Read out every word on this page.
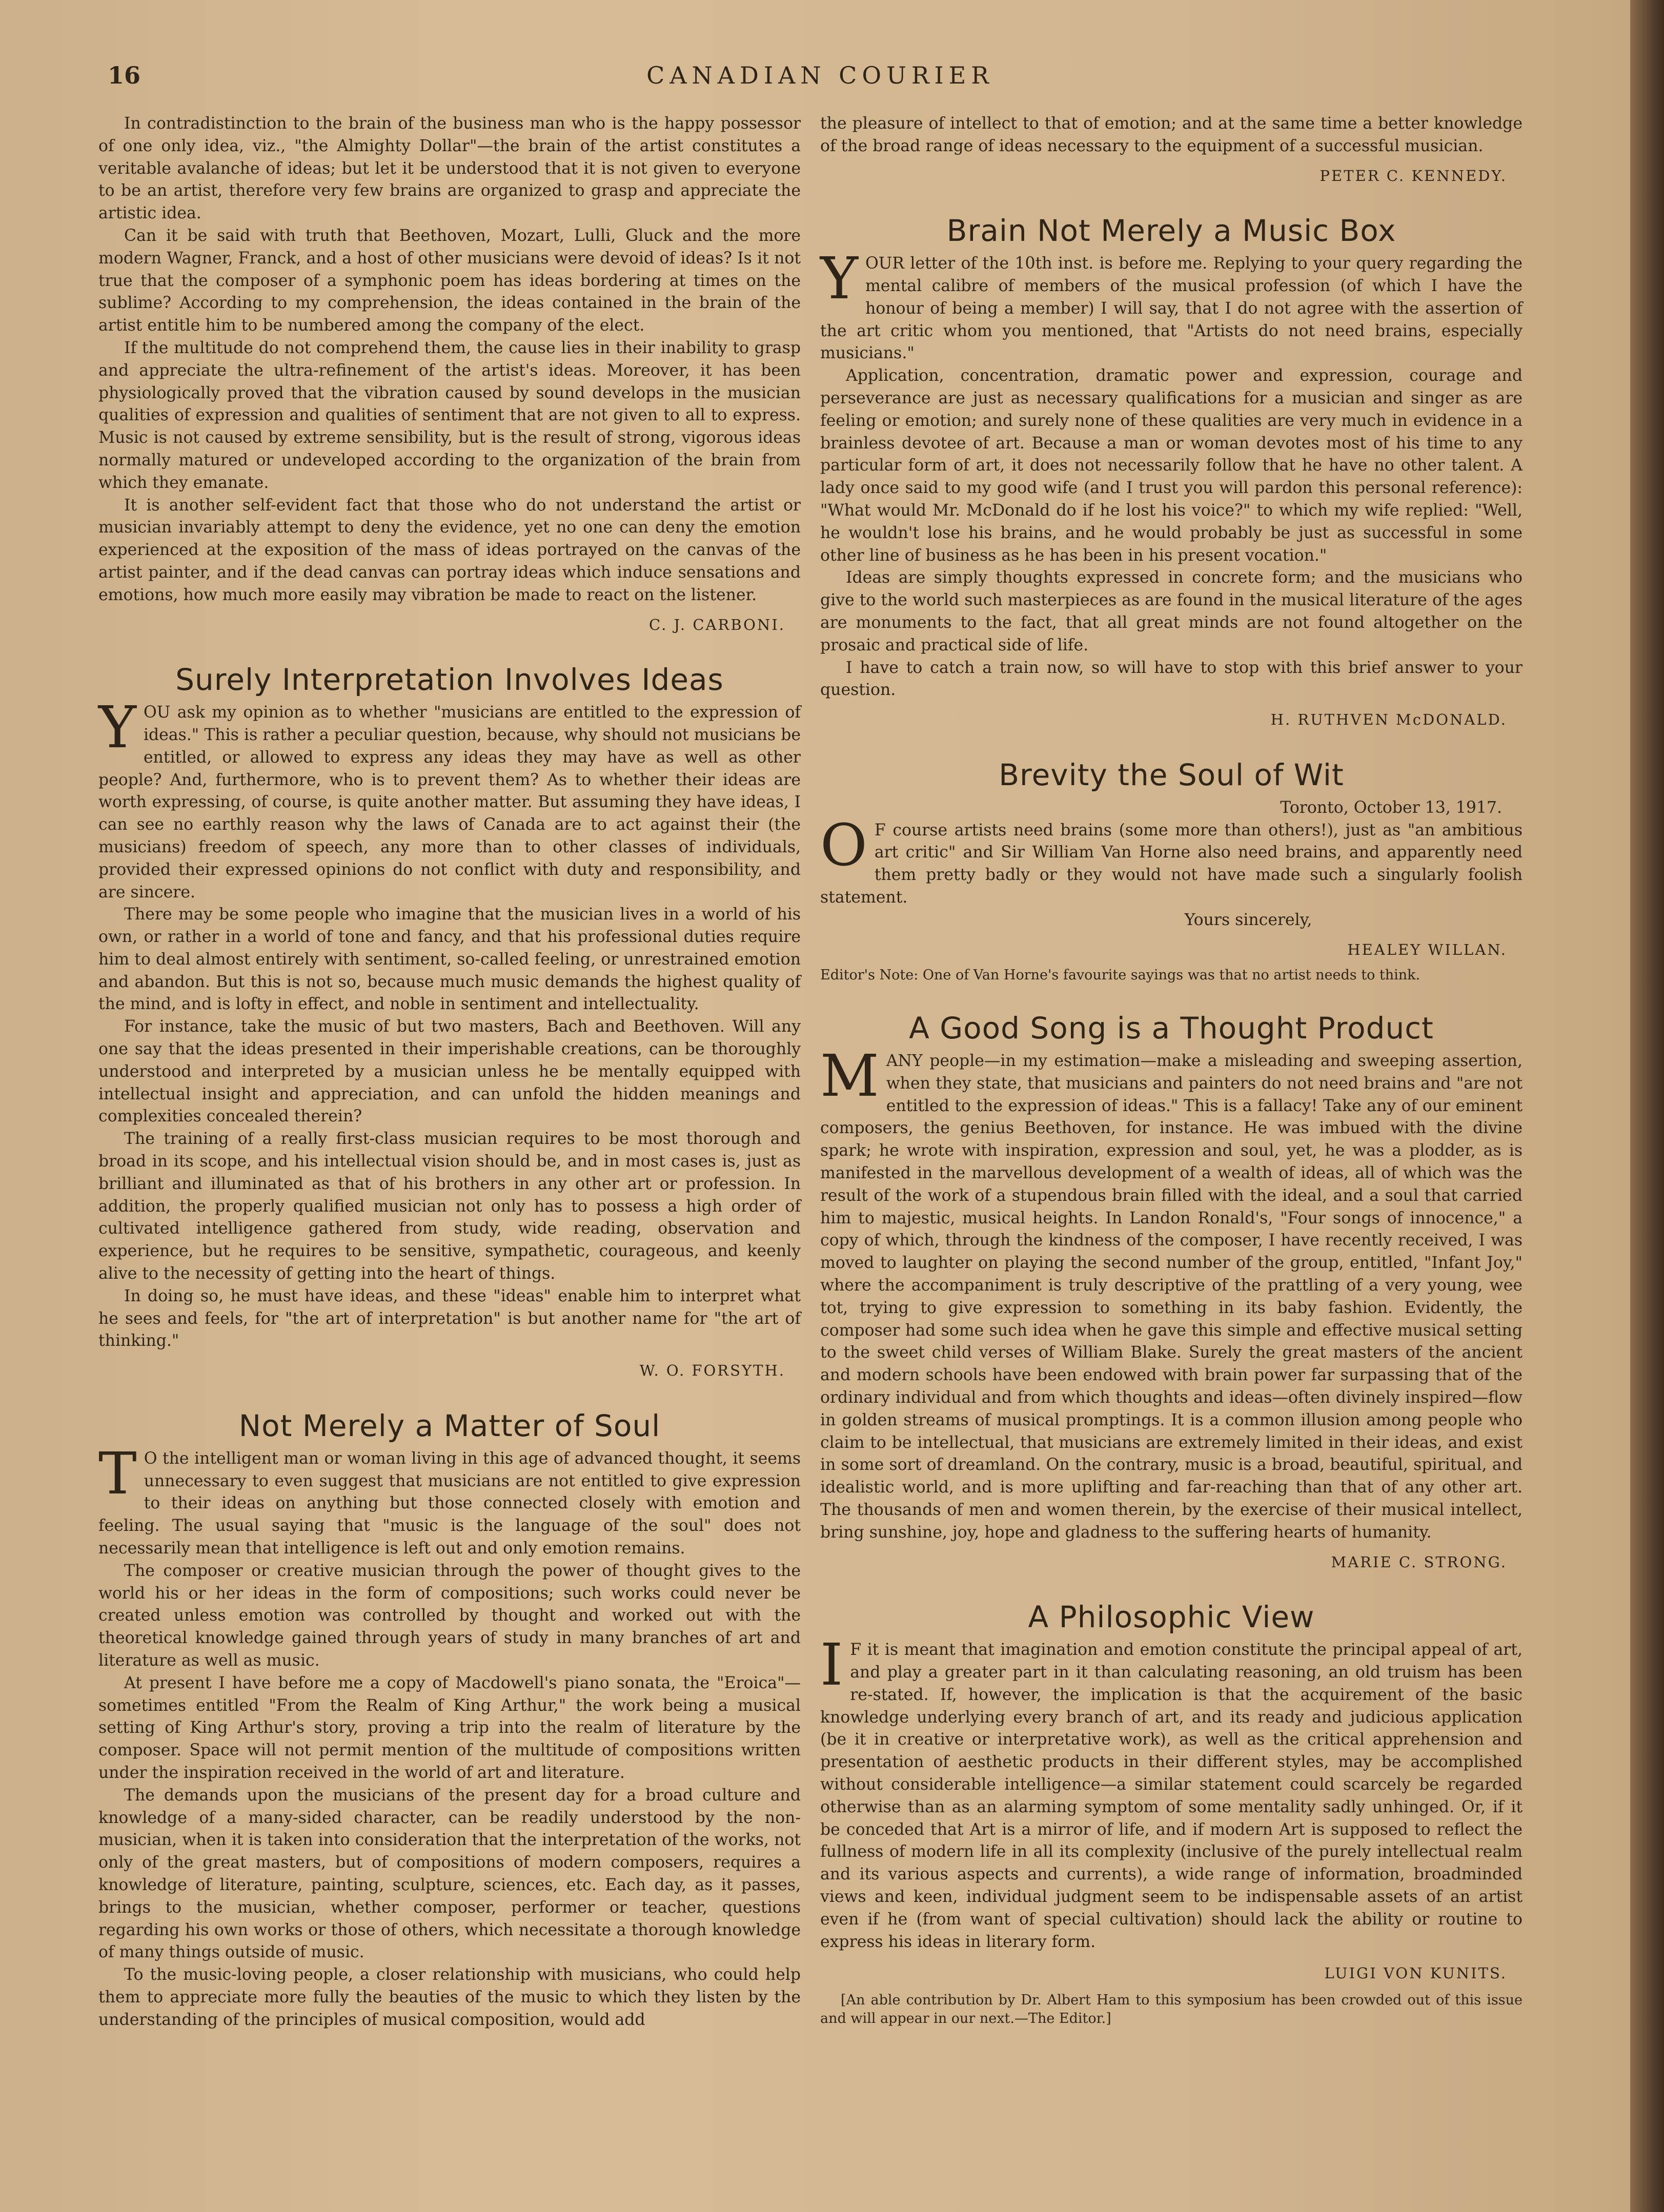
16	CANADIAN COURIER

In contradistinction to the brain of the business man who is the happy possessor of one only idea, viz., "the Almighty Dollar"—the brain of the artist constitutes a veritable avalanche of ideas; but let it be understood that it is not given to everyone to be an artist, therefore very few brains are organized to grasp and appreciate the artistic idea.

Can it be said with truth that Beethoven, Mozart, Lulli, Gluck and the more modern Wagner, Franck, and a host of other musicians were devoid of ideas? Is it not true that the composer of a symphonic poem has ideas bordering at times on the sublime? According to my comprehension, the ideas contained in the brain of the artist entitle him to be numbered among the company of the elect.

If the multitude do not comprehend them, the cause lies in their inability to grasp and appreciate the ultra-refinement of the artist's ideas. Moreover, it has been physiologically proved that the vibration caused by sound develops in the musician qualities of expression and qualities of sentiment that are not given to all to express. Music is not caused by extreme sensibility, but is the result of strong, vigorous ideas normally matured or undeveloped according to the organization of the brain from which they emanate.

It is another self-evident fact that those who do not understand the artist or musician invariably attempt to deny the evidence, yet no one can deny the emotion experienced at the exposition of the mass of ideas portrayed on the canvas of the artist painter, and if the dead canvas can portray ideas which induce sensations and emotions, how much more easily may vibration be made to react on the listener.

C. J. CARBONI.
Surely Interpretation Involves Ideas

YOU ask my opinion as to whether "musicians are entitled to the expression of ideas." This is rather a peculiar question, because, why should not musicians be entitled, or allowed to express any ideas they may have as well as other people? And, furthermore, who is to prevent them? As to whether their ideas are worth expressing, of course, is quite another matter. But assuming they have ideas, I can see no earthly reason why the laws of Canada are to act against their (the musicians) freedom of speech, any more than to other classes of individuals, provided their expressed opinions do not conflict with duty and responsibility, and are sincere.

There may be some people who imagine that the musician lives in a world of his own, or rather in a world of tone and fancy, and that his professional duties require him to deal almost entirely with sentiment, so-called feeling, or unrestrained emotion and abandon. But this is not so, because much music demands the highest quality of the mind, and is lofty in effect, and noble in sentiment and intellectuality.

For instance, take the music of but two masters, Bach and Beethoven. Will any one say that the ideas presented in their imperishable creations, can be thoroughly understood and interpreted by a musician unless he be mentally equipped with intellectual insight and appreciation, and can unfold the hidden meanings and complexities concealed therein?

The training of a really first-class musician requires to be most thorough and broad in its scope, and his intellectual vision should be, and in most cases is, just as brilliant and illuminated as that of his brothers in any other art or profession. In addition, the properly qualified musician not only has to possess a high order of cultivated intelligence gathered from study, wide reading, observation and experience, but he requires to be sensitive, sympathetic, courageous, and keenly alive to the necessity of getting into the heart of things.

In doing so, he must have ideas, and these "ideas" enable him to interpret what he sees and feels, for "the art of interpretation" is but another name for "the art of thinking."

W. O. FORSYTH.
Not Merely a Matter of Soul

T O the intelligent man or woman living in this age of advanced thought, it seems unnecessary to even suggest that musicians are not entitled to give expression to their ideas on anything but those connected closely with emotion and feeling. The usual saying that "music is the language of the soul" does not necessarily mean that intelligence is left out and only emotion remains.

The composer or creative musician through the power of thought gives to the world his or her ideas in the form of compositions; such works could never be created unless emotion was controlled by thought and worked out with the theoretical knowledge gained through years of study in many branches of art and literature as well as music.

At present I have before me a copy of Macdowell's piano sonata, the "Eroica"—sometimes entitled "From the Realm of King Arthur," the work being a musical setting of King Arthur's story, proving a trip into the realm of literature by the composer. Space will not permit mention of the multitude of compositions written under the inspiration received in the world of art and literature.

The demands upon the musicians of the present day for a broad culture and knowledge of a many-sided character, can be readily understood by the non-musician, when it is taken into consideration that the interpretation of the works, not only of the great masters, but of compositions of modern composers, requires a knowledge of literature, painting, sculpture, sciences, etc. Each day, as it passes, brings to the musician, whether composer, performer or teacher, questions regarding his own works or those of others, which necessitate a thorough knowledge of many things outside of music.

To the music-loving people, a closer relationship with musicians, who could help them to appreciate more fully the beauties of the music to which they listen by the understanding of the principles of musical composition, would add

the pleasure of intellect to that of emotion; and at the same time a better knowledge of the broad range of ideas necessary to the equipment of a successful musician.

PETER C. KENNEDY.
Brain Not Merely a Music Box

YOUR letter of the 10th inst. is before me. Replying to your query regarding the mental calibre of members of the musical profession (of which I have the honour of being a member) I will say, that I do not agree with the assertion of the art critic whom you mentioned, that "Artists do not need brains, especially musicians."

Application, concentration, dramatic power and expression, courage and perseverance are just as necessary qualifications for a musician and singer as are feeling or emotion; and surely none of these qualities are very much in evidence in a brainless devotee of art. Because a man or woman devotes most of his time to any particular form of art, it does not necessarily follow that he have no other talent. A lady once said to my good wife (and I trust you will pardon this personal reference): "What would Mr. McDonald do if he lost his voice?" to which my wife replied: "Well, he wouldn't lose his brains, and he would probably be just as successful in some other line of business as he has been in his present vocation."

Ideas are simply thoughts expressed in concrete form; and the musicians who give to the world such masterpieces as are found in the musical literature of the ages are monuments to the fact, that all great minds are not found altogether on the prosaic and practical side of life.

I have to catch a train now, so will have to stop with this brief answer to your question.

H. RUTHVEN McDONALD.
Brevity the Soul of Wit
Toronto, October 13, 1917.

O F course artists need brains (some more than others!), just as "an ambitious art critic" and Sir William Van Horne also need brains, and apparently need them pretty badly or they would not have made such a singularly foolish statement.

Yours sincerely,
HEALEY WILLAN.
Editor's Note: One of Van Horne's favourite sayings was that no artist needs to think.
A Good Song is a Thought Product

MANY people—in my estimation—make a misleading and sweeping assertion, when they state, that musicians and painters do not need brains and "are not entitled to the expression of ideas." This is a fallacy! Take any of our eminent composers, the genius Beethoven, for instance. He was imbued with the divine spark; he wrote with inspiration, expression and soul, yet, he was a plodder, as is manifested in the marvellous development of a wealth of ideas, all of which was the result of the work of a stupendous brain filled with the ideal, and a soul that carried him to majestic, musical heights. In Landon Ronald's, "Four songs of innocence," a copy of which, through the kindness of the composer, I have recently received, I was moved to laughter on playing the second number of the group, entitled, "Infant Joy," where the accompaniment is truly descriptive of the prattling of a very young, wee tot, trying to give expression to something in its baby fashion. Evidently, the composer had some such idea when he gave this simple and effective musical setting to the sweet child verses of William Blake. Surely the great masters of the ancient and modern schools have been endowed with brain power far surpassing that of the ordinary individual and from which thoughts and ideas—often divinely inspired—flow in golden streams of musical promptings. It is a common illusion among people who claim to be intellectual, that musicians are extremely limited in their ideas, and exist in some sort of dreamland. On the contrary, music is a broad, beautiful, spiritual, and idealistic world, and is more uplifting and far-reaching than that of any other art. The thousands of men and women therein, by the exercise of their musical intellect, bring sunshine, joy, hope and gladness to the suffering hearts of humanity.

MARIE C. STRONG.
A Philosophic View

I F it is meant that imagination and emotion constitute the principal appeal of art, and play a greater part in it than calculating reasoning, an old truism has been re-stated. If, however, the implication is that the acquirement of the basic knowledge underlying every branch of art, and its ready and judicious application (be it in creative or interpretative work), as well as the critical apprehension and presentation of aesthetic products in their different styles, may be accomplished without considerable intelligence—a similar statement could scarcely be regarded otherwise than as an alarming symptom of some mentality sadly unhinged. Or, if it be conceded that Art is a mirror of life, and if modern Art is supposed to reflect the fullness of modern life in all its complexity (inclusive of the purely intellectual realm and its various aspects and currents), a wide range of information, broadminded views and keen, individual judgment seem to be indispensable assets of an artist even if he (from want of special cultivation) should lack the ability or routine to express his ideas in literary form.

LUIGI VON KUNITS.
[An able contribution by Dr. Albert Ham to this symposium has been crowded out of this issue and will appear in our next.—The Editor.]
